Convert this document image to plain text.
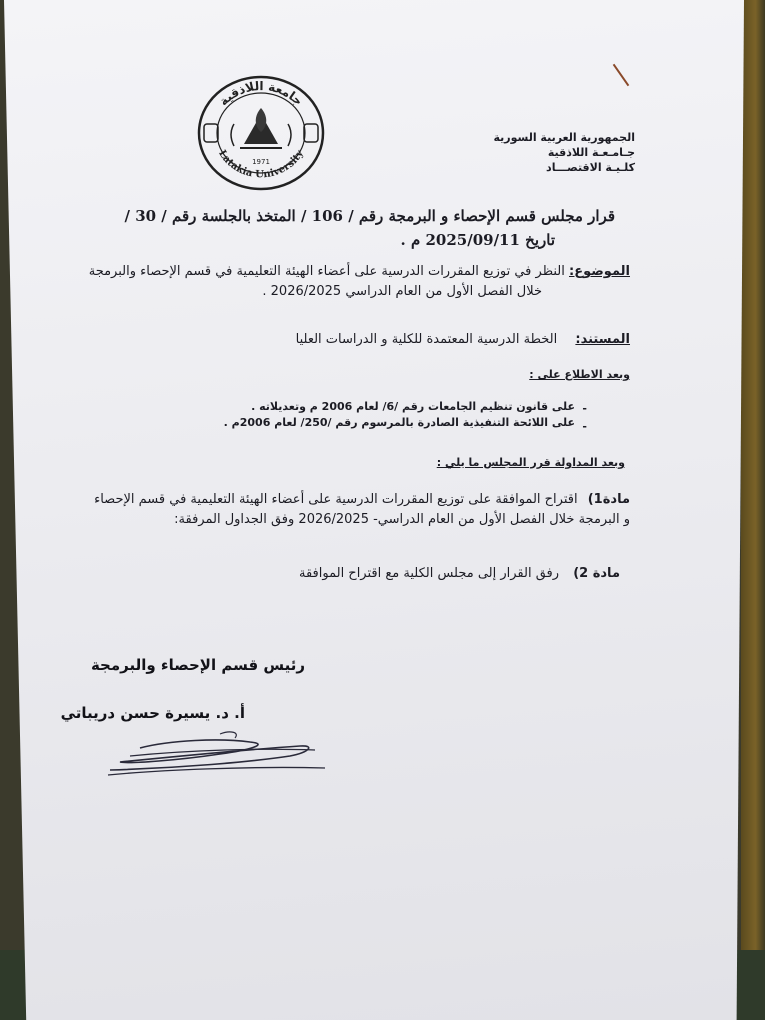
الجمهورية العربية السورية
جـامـعـة اللاذقية
كلـيـة الاقتصـــاد
جامعة اللاذقية
Latakia University
1971
قرار مجلس قسم الإحصاء و البرمجة رقم / 106 / المتخذ بالجلسة رقم / 30 /
تاريخ 2025/09/11 م .
الموضوع: النظر في توزيع المقررات الدرسية على أعضاء الهيئة التعليمية في قسم الإحصاء والبرمجة
خلال الفصل الأول من العام الدراسي 2026/2025 .
المستند: الخطة الدرسية المعتمدة للكلية و الدراسات العليا
وبعد الاطلاع على :
على قانون تنظيم الجامعات رقم /6/ لعام 2006 م وتعديلاته . -
على اللائحة التنفيذية الصادرة بالمرسوم رقم /250/ لعام 2006م . -
وبعد المداولة قرر المجلس ما يلي :
مادة1) اقتراح الموافقة على توزيع المقررات الدرسية على أعضاء الهيئة التعليمية في قسم الإحصاء
و البرمجة خلال الفصل الأول من العام الدراسي- 2026/2025 وفق الجداول المرفقة:
مادة 2) رفق القرار إلى مجلس الكلية مع اقتراح الموافقة
رئيس قسم الإحصاء والبرمجة
أ. د. يسيرة حسن دريباتي
